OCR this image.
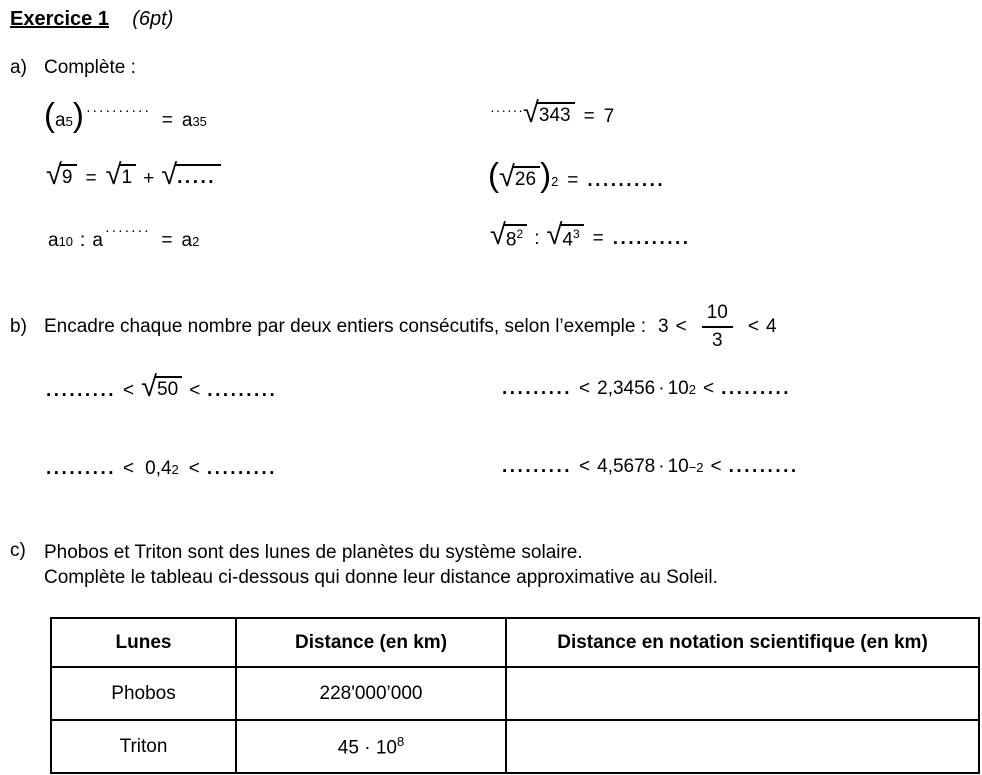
Exercice 1 (6pt)
a) Complète :
( a 5 ) ·········· = a 35
······ √ 343 = 7
√ 9 = √ 1 + √ .....	( √ 26 )$_2$ = ..........
a 10 : a ······· = a 2	√ $8^2$ : √ $4^3$ = ..........
b) Encadre chaque nombre par deux entiers consécutifs, selon l’exemple : $3 < \frac{10}{3} < 4$
......... < √ 50 < .........	......... < 2,3456 · 10 2 < .........
......... < 0,4 2 < .........	......... < 4,5678 · 10 −2 < .........
c) Phobos et Triton sont des lunes de planètes du système solaire.
Complète le tableau ci-dessous qui donne leur distance approximative au Soleil.
Lunes	Distance (en km)	Distance en notation scientifique (en km)
Phobos	228'000’000	
Triton	$45 \cdot 10^8$	
